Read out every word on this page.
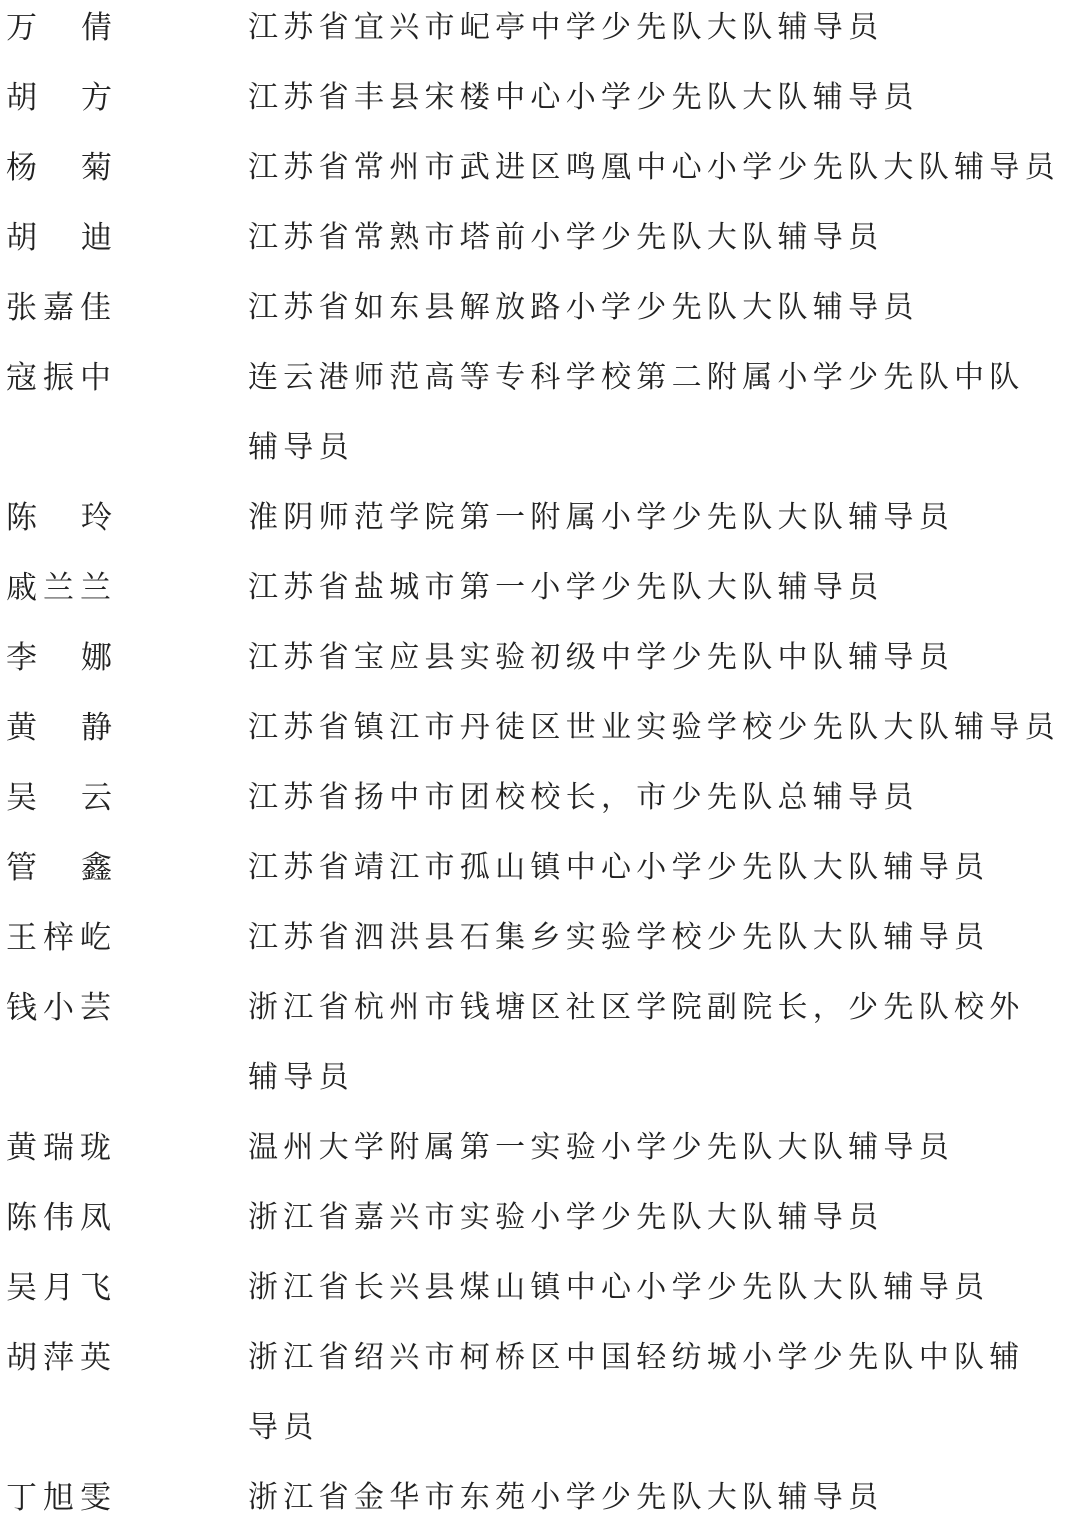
万倩	江苏省宜兴市屺亭中学少先队大队辅导员
胡方	江苏省丰县宋楼中心小学少先队大队辅导员
杨菊	江苏省常州市武进区鸣凰中心小学少先队大队辅导员
胡迪	江苏省常熟市塔前小学少先队大队辅导员
张嘉佳	江苏省如东县解放路小学少先队大队辅导员
寇振中	连云港师范高等专科学校第二附属小学少先队中队
辅导员
陈玲	淮阴师范学院第一附属小学少先队大队辅导员
戚兰兰	江苏省盐城市第一小学少先队大队辅导员
李娜	江苏省宝应县实验初级中学少先队中队辅导员
黄静	江苏省镇江市丹徒区世业实验学校少先队大队辅导员
吴云	江苏省扬中市团校校长，市少先队总辅导员
管鑫	江苏省靖江市孤山镇中心小学少先队大队辅导员
王梓屹	江苏省泗洪县石集乡实验学校少先队大队辅导员
钱小芸	浙江省杭州市钱塘区社区学院副院长，少先队校外
辅导员
黄瑞珑	温州大学附属第一实验小学少先队大队辅导员
陈伟凤	浙江省嘉兴市实验小学少先队大队辅导员
吴月飞	浙江省长兴县煤山镇中心小学少先队大队辅导员
胡萍英	浙江省绍兴市柯桥区中国轻纺城小学少先队中队辅
导员
丁旭雯	浙江省金华市东苑小学少先队大队辅导员
